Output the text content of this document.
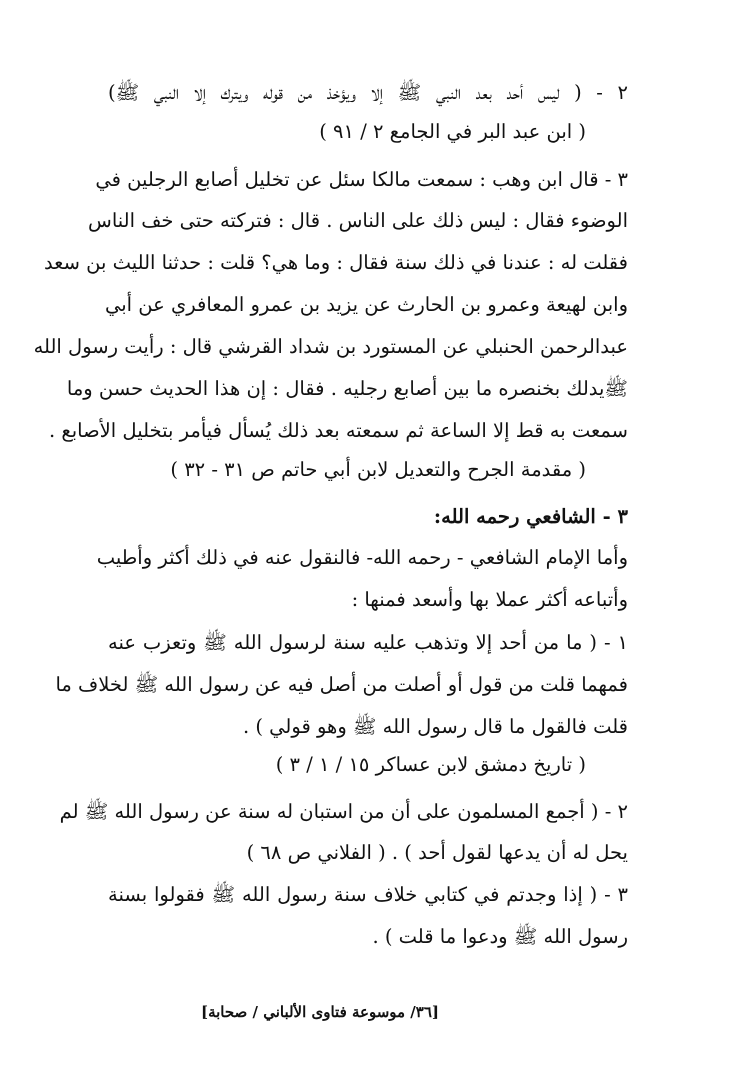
٢ - ( ليس أحد بعد النبي ﷺ إلا ويؤخذ من قوله ويترك إلا النبي ﷺ)
( ابن عبد البر في الجامع ٢ / ٩١ )
٣ - قال ابن وهب : سمعت مالكا سئل عن تخليل أصابع الرجلين في
الوضوء فقال : ليس ذلك على الناس . قال : فتركته حتى خف الناس
فقلت له : عندنا في ذلك سنة فقال : وما هي؟ قلت : حدثنا الليث بن سعد
وابن لهيعة وعمرو بن الحارث عن يزيد بن عمرو المعافري عن أبي
عبدالرحمن الحنبلي عن المستورد بن شداد القرشي قال : رأيت رسول الله
ﷺيدلك بخنصره ما بين أصابع رجليه . فقال : إن هذا الحديث حسن وما
سمعت به قط إلا الساعة ثم سمعته بعد ذلك يُسأل فيأمر بتخليل الأصابع .
( مقدمة الجرح والتعديل لابن أبي حاتم ص ٣١ - ٣٢ )
٣ - الشافعي رحمه الله:
وأما الإمام الشافعي - رحمه الله- فالنقول عنه في ذلك أكثر وأطيب
وأتباعه أكثر عملا بها وأسعد فمنها :
١ - ( ما من أحد إلا وتذهب عليه سنة لرسول الله ﷺ وتعزب عنه
فمهما قلت من قول أو أصلت من أصل فيه عن رسول الله ﷺ لخلاف ما
قلت فالقول ما قال رسول الله ﷺ وهو قولي ) .
( تاريخ دمشق لابن عساكر ١٥ / ١ / ٣ )
٢ - ( أجمع المسلمون على أن من استبان له سنة عن رسول الله ﷺ لم
يحل له أن يدعها لقول أحد ) . ( الفلاني ص ٦٨ )
٣ - ( إذا وجدتم في كتابي خلاف سنة رسول الله ﷺ فقولوا بسنة
رسول الله ﷺ ودعوا ما قلت ) .
[٣٦/ موسوعة فتاوى الألباني / صحابة]
